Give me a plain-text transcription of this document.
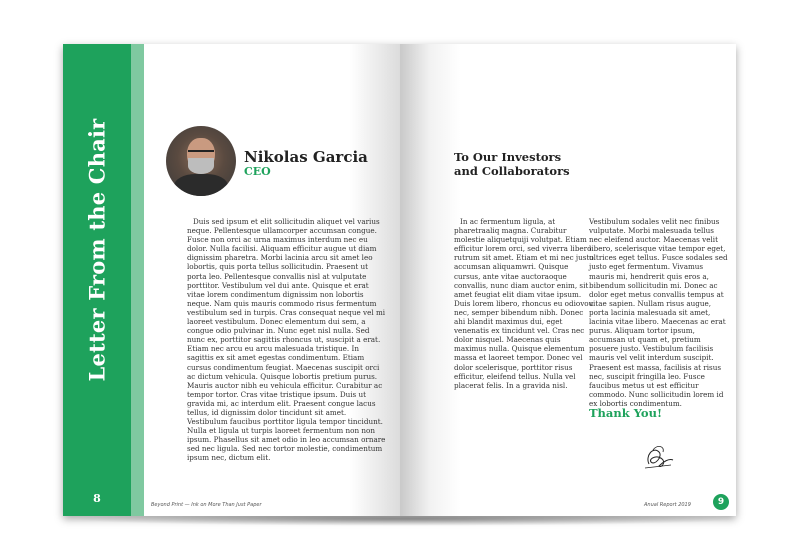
Letter From the Chair
8
Nikolas Garcia
CEO

Duis sed ipsum et elit sollicitudin aliquet vel varius neque. Pellentesque ullamcorper accumsan congue. Fusce non orci ac urna maximus interdum nec eu dolor. Nulla facilisi. Aliquam efficitur augue ut diam dignissim pharetra. Morbi lacinia arcu sit amet leo lobortis, quis porta tellus sollicitudin. Praesent ut porta leo. Pellentesque convallis nisl at vulputate porttitor. Vestibulum vel dui ante. Quisque et erat vitae lorem condimentum dignissim non lobortis neque. Nam quis mauris commodo risus fermentum vestibulum sed in turpis. Cras consequat neque vel mi laoreet vestibulum. Donec elementum dui sem, a congue odio pulvinar in. Nunc eget nisl nulla. Sed nunc ex, porttitor sagittis rhoncus ut, suscipit a erat. Etiam nec arcu eu arcu malesuada tristique. In sagittis ex sit amet egestas condimentum. Etiam cursus condimentum feugiat. Maecenas suscipit orci ac dictum vehicula. Quisque lobortis pretium purus. Mauris auctor nibh eu vehicula efficitur. Curabitur ac tempor tortor. Cras vitae tristique ipsum. Duis ut gravida mi, ac interdum elit. Praesent congue lacus tellus, id dignissim dolor tincidunt sit amet. Vestibulum faucibus porttitor ligula tempor tincidunt. Nulla et ligula ut turpis laoreet fermentum non non ipsum. Phasellus sit amet odio in leo accumsan ornare sed nec ligula. Sed nec tortor molestie, condimentum ipsum nec, dictum elit.

Beyond Print — Ink on More Than Just Paper
To Our Investors
and Collaborators

In ac fermentum ligula, at pharetraaliq magna. Curabitur molestie aliquetquiji volutpat. Etiam efficitur lorem orci, sed viverra libero rutrum sit amet. Etiam et mi nec justo accumsan aliquamwri. Quisque cursus, ante vitae auctoraoque convallis, nunc diam auctor enim, sit amet feugiat elit diam vitae ipsum. Duis lorem libero, rhoncus eu odiovou nec, semper bibendum nibh. Donec ahi blandit maximus dui, eget venenatis ex tincidunt vel. Cras nec dolor nisquel. Maecenas quis maximus nulla. Quisque elementum massa et laoreet tempor. Donec vel dolor scelerisque, porttitor risus efficitur, eleifend tellus. Nulla vel placerat felis. In a gravida nisl.

Vestibulum sodales velit nec finibus vulputate. Morbi malesuada tellus nec eleifend auctor. Maecenas velit libero, scelerisque vitae tempor eget, ultrices eget tellus. Fusce sodales sed justo eget fermentum. Vivamus mauris mi, hendrerit quis eros a, bibendum sollicitudin mi. Donec ac dolor eget metus convallis tempus at vitae sapien. Nullam risus augue, porta lacinia malesuada sit amet, lacinia vitae libero. Maecenas ac erat purus. Aliquam tortor ipsum, accumsan ut quam et, pretium posuere justo. Vestibulum facilisis mauris vel velit interdum suscipit. Praesent est massa, facilisis at risus nec, suscipit fringilla leo. Fusce faucibus metus ut est efficitur commodo. Nunc sollicitudin lorem id ex lobortis condimentum.

Thank You!
Anual Report 2019	9
